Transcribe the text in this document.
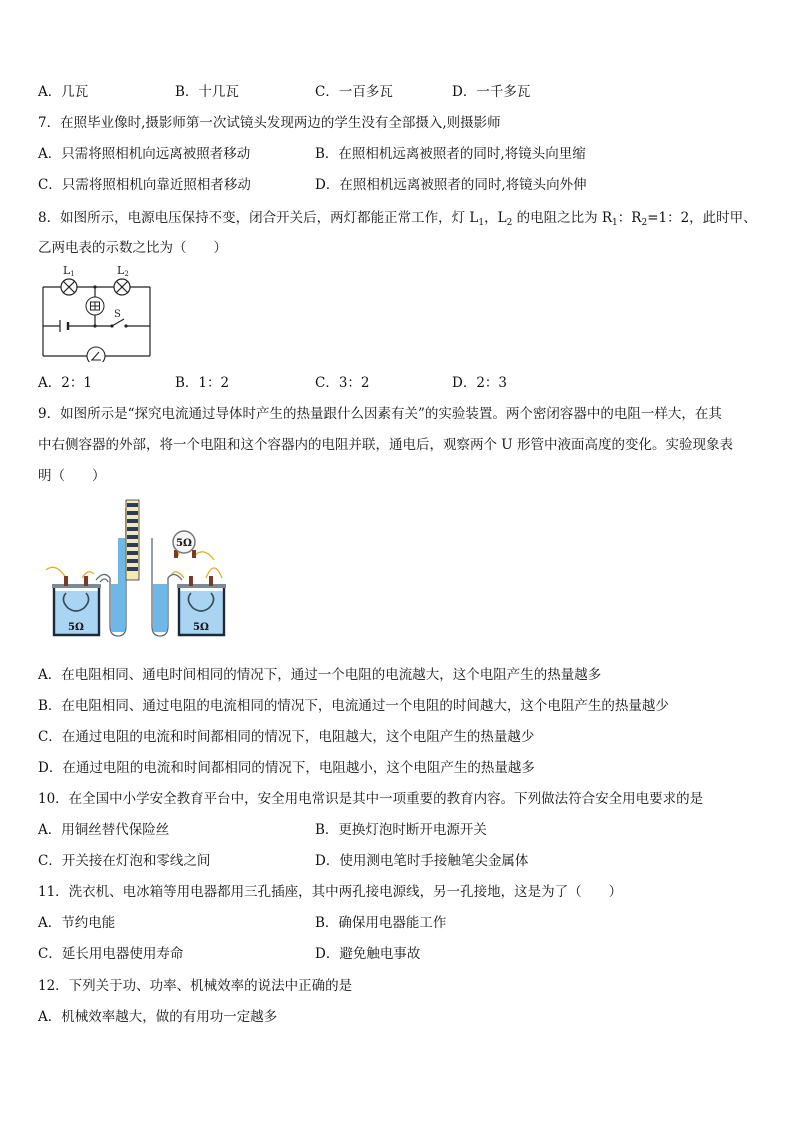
A．几瓦	B．十几瓦	C．一百多瓦	D．一千多瓦
7．在照毕业像时,摄影师第一次试镜头发现两边的学生没有全部摄入,则摄影师
A．只需将照相机向远离被照者移动	B．在照相机远离被照者的同时,将镜头向里缩
C．只需将照相机向靠近照相者移动	D．在照相机远离被照者的同时,将镜头向外伸
8．如图所示，电源电压保持不变，闭合开关后，两灯都能正常工作，灯 $L_1$，$L_2$ 的电阻之比为 $R_1$：$R_2=1$：2，此时甲、
乙两电表的示数之比为（　　）
L1	L2
S
A．2：1	B．1：2	C．3：2	D．2：3
9．如图所示是“探究电流通过导体时产生的热量跟什么因素有关”的实验装置。两个密闭容器中的电阻一样大，在其
中右侧容器的外部，将一个电阻和这个容器内的电阻并联，通电后，观察两个 U 形管中液面高度的变化。实验现象表
明（　　）
5Ω
5Ω	5Ω
A．在电阻相同、通电时间相同的情况下，通过一个电阻的电流越大，这个电阻产生的热量越多
B．在电阻相同、通过电阻的电流相同的情况下，电流通过一个电阻的时间越大，这个电阻产生的热量越少
C．在通过电阻的电流和时间都相同的情况下，电阻越大，这个电阻产生的热量越少
D．在通过电阻的电流和时间都相同的情况下，电阻越小，这个电阻产生的热量越多
10．在全国中小学安全教育平台中，安全用电常识是其中一项重要的教育内容。下列做法符合安全用电要求的是
A．用铜丝替代保险丝	B．更换灯泡时断开电源开关
C．开关接在灯泡和零线之间	D．使用测电笔时手接触笔尖金属体
11．洗衣机、电冰箱等用电器都用三孔插座，其中两孔接电源线，另一孔接地，这是为了（　　）
A．节约电能	B．确保用电器能工作
C．延长用电器使用寿命	D．避免触电事故
12．下列关于功、功率、机械效率的说法中正确的是
A．机械效率越大，做的有用功一定越多
